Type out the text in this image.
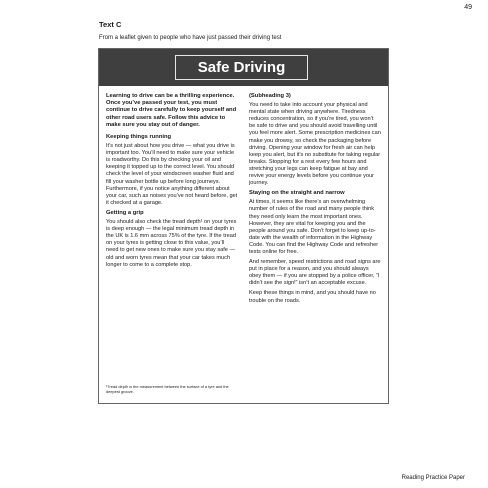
49
Text C
From a leaflet given to people who have just passed their driving test
Safe Driving

Learning to drive can be a thrilling experience. Once you’ve passed your test, you must continue to drive carefully to keep yourself and other road users safe. Follow this advice to make sure you stay out of danger.

Keeping things running

It’s not just about how you drive — what you drive is important too. You’ll need to make sure your vehicle is roadworthy. Do this by checking your oil and keeping it topped up to the correct level. You should check the level of your windscreen washer fluid and fill your washer bottle up before long journeys. Furthermore, if you notice anything different about your car, such as noises you’ve not heard before, get it checked at a garage.

Getting a grip

You should also check the tread depth¹ on your tyres is deep enough — the legal minimum tread depth in the UK is 1.6 mm across 75% of the tyre. If the tread on your tyres is getting close to this value, you’ll need to get new ones to make sure you stay safe — old and worn tyres mean that your car takes much longer to come to a complete stop.

¹Tread depth is the measurement between the surface of a tyre and the deepest groove.
(Subheading 3)

You need to take into account your physical and mental state when driving anywhere. Tiredness reduces concentration, so if you’re tired, you won’t be safe to drive and you should avoid travelling until you feel more alert. Some prescription medicines can make you drowsy, so check the packaging before driving. Opening your window for fresh air can help keep you alert, but it’s no substitute for taking regular breaks. Stopping for a rest every few hours and stretching your legs can keep fatigue at bay and revive your energy levels before you continue your journey.

Staying on the straight and narrow

At times, it seems like there’s an overwhelming number of rules of the road and many people think they need only learn the most important ones. However, they are vital for keeping you and the people around you safe. Don’t forget to keep up-to-date with the wealth of information in the Highway Code. You can find the Highway Code and refresher tests online for free.

And remember, speed restrictions and road signs are put in place for a reason, and you should always obey them — if you are stopped by a police officer, “I didn’t see the sign!” isn’t an acceptable excuse.

Keep these things in mind, and you should have no trouble on the roads.

Reading Practice Paper
